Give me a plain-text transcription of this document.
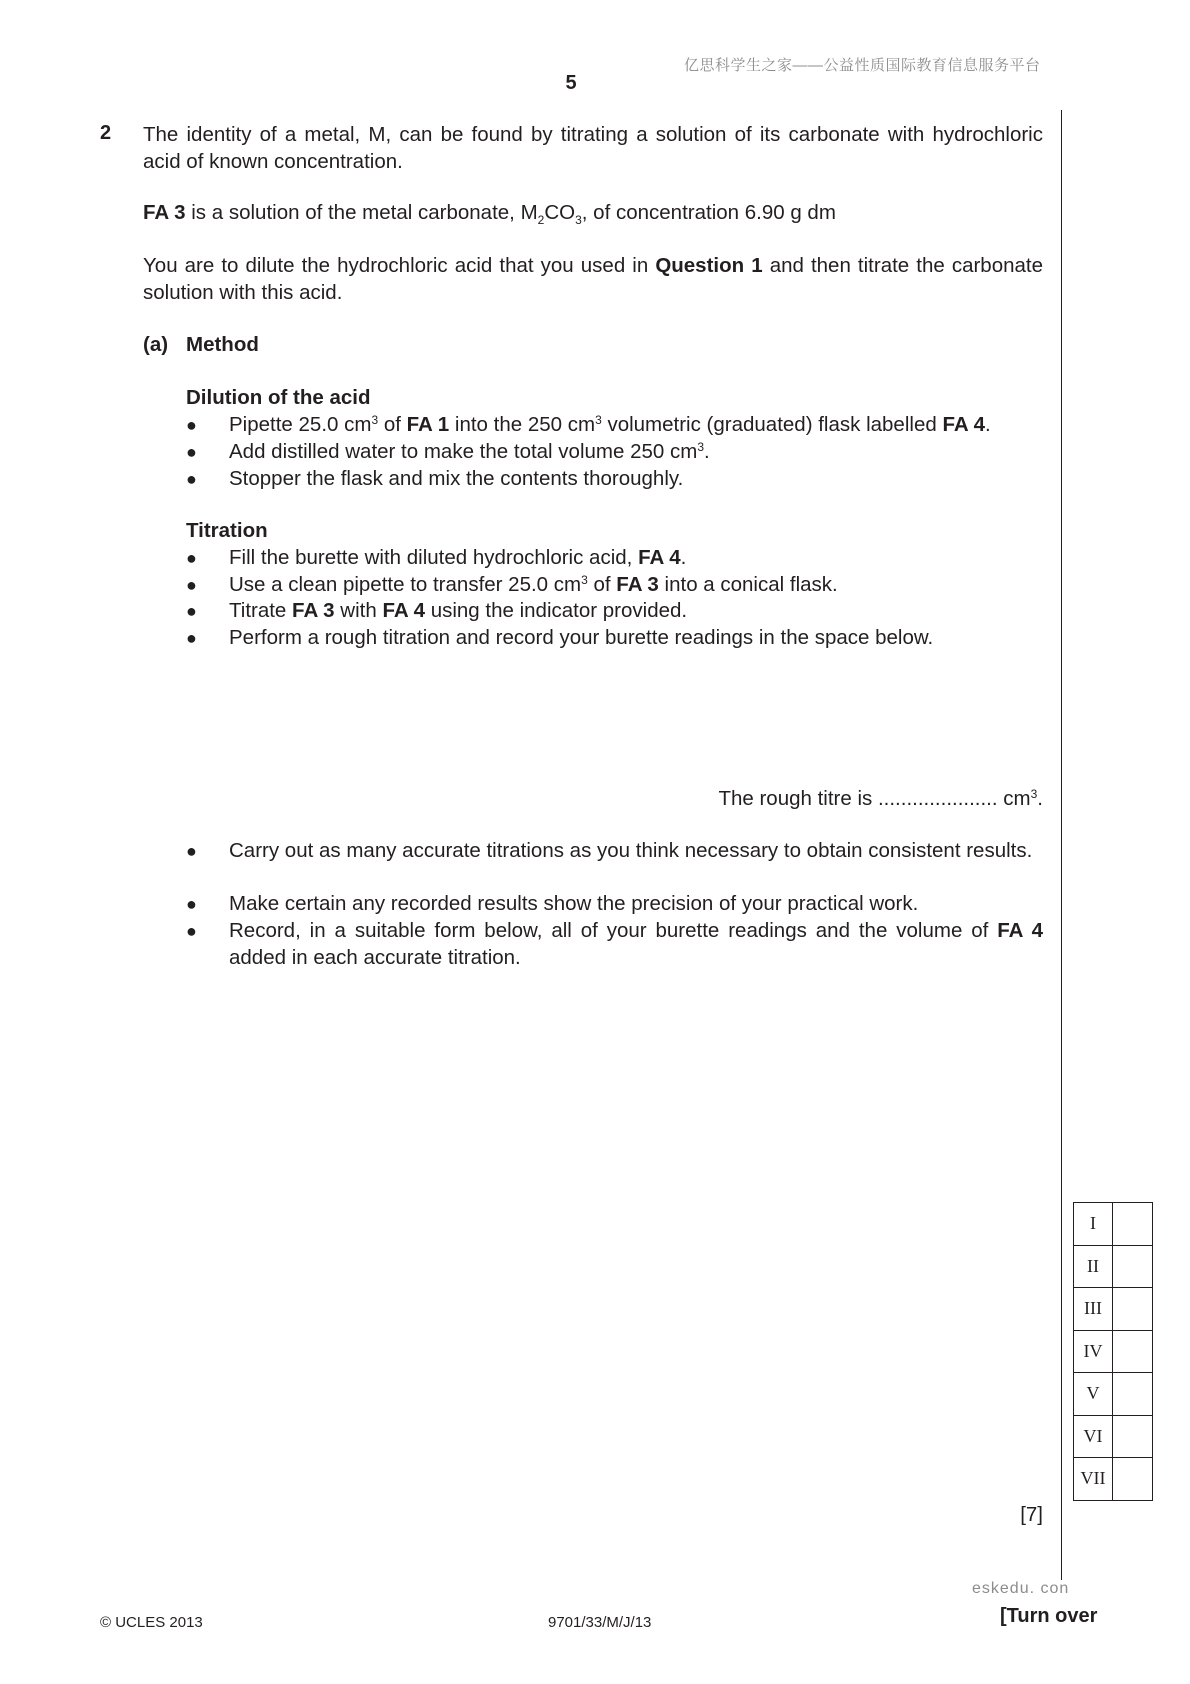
亿思科学生之家——公益性质国际教育信息服务平台
5
2 The identity of a metal, M, can be found by titrating a solution of its carbonate with hydrochloric acid of known concentration.
FA 3 is a solution of the metal carbonate, $M_2CO_3$, of concentration 6.90 g dm
You are to dilute the hydrochloric acid that you used in Question 1 and then titrate the carbonate solution with this acid.
(a) Method
Dilution of the acid
● Pipette 25.0 $cm^3$ of FA 1 into the 250 $cm^3$ volumetric (graduated) flask labelled FA 4.
● Add distilled water to make the total volume 250 $cm^3$.
● Stopper the flask and mix the contents thoroughly.
Titration
● Fill the burette with diluted hydrochloric acid, FA 4.
● Use a clean pipette to transfer 25.0 $cm^3$ of FA 3 into a conical flask.
● Titrate FA 3 with FA 4 using the indicator provided.
● Perform a rough titration and record your burette readings in the space below.
The rough titre is ..................... $cm^3$.
● Carry out as many accurate titrations as you think necessary to obtain consistent results.
● Make certain any recorded results show the precision of your practical work.
● Record, in a suitable form below, all of your burette readings and the volume of FA 4 added in each accurate titration.
I	
II	
III	
IV	
V	
VI	
VII	
[7]
eskedu. con
© UCLES 2013	9701/33/M/J/13	[Turn over
